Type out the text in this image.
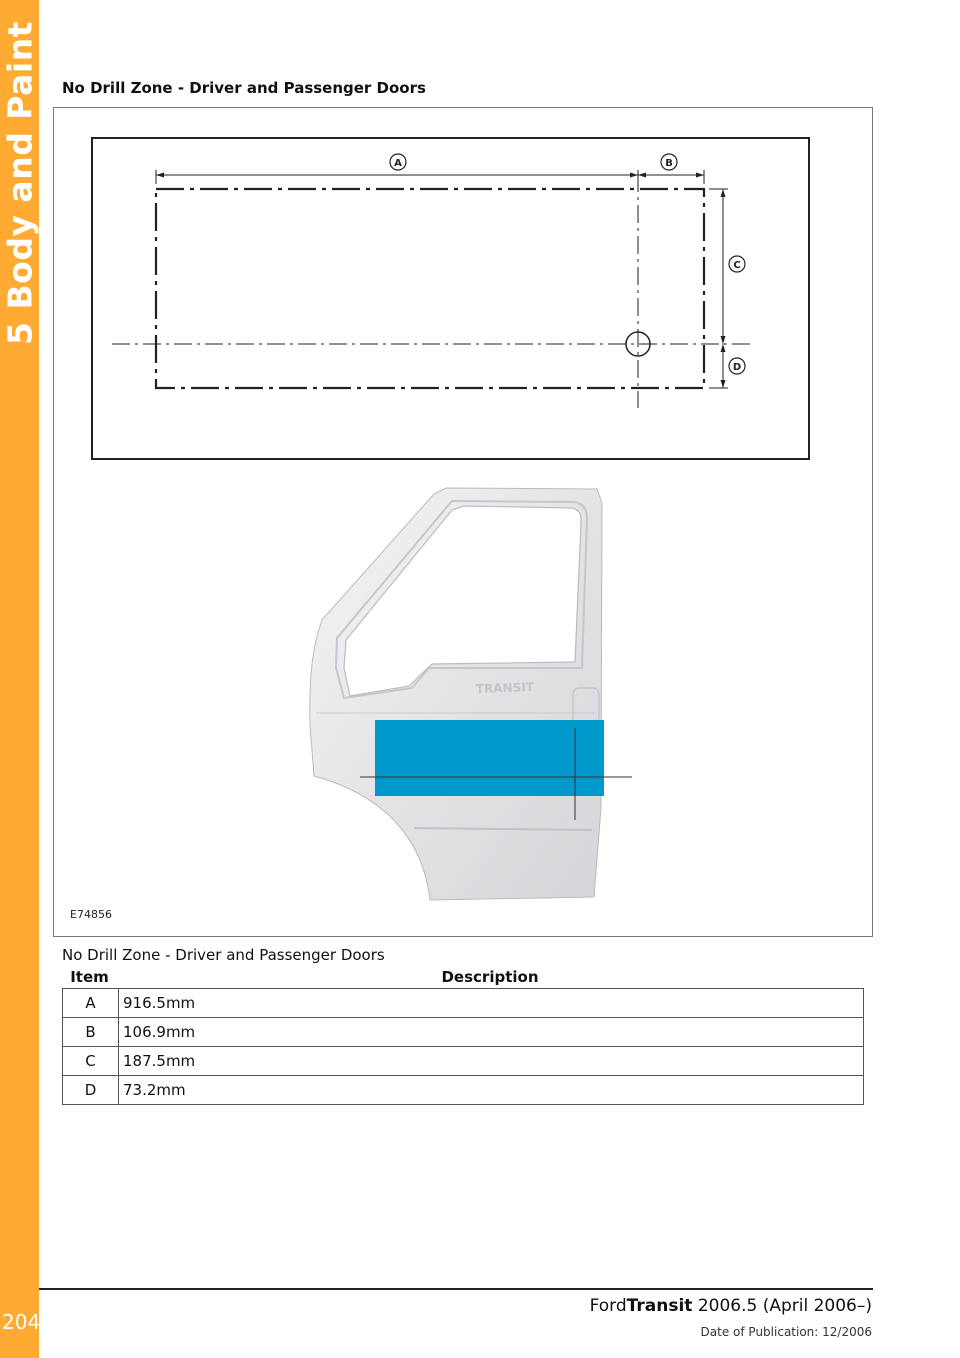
5 Body and Paint
204
No Drill Zone - Driver and Passenger Doors
A	B
C
D
TRANSIT
E74856
No Drill Zone - Driver and Passenger Doors
Item	Description
A	916.5mm
B	106.9mm
C	187.5mm
D	73.2mm
FordTransit 2006.5 (April 2006–)
Date of Publication: 12/2006
